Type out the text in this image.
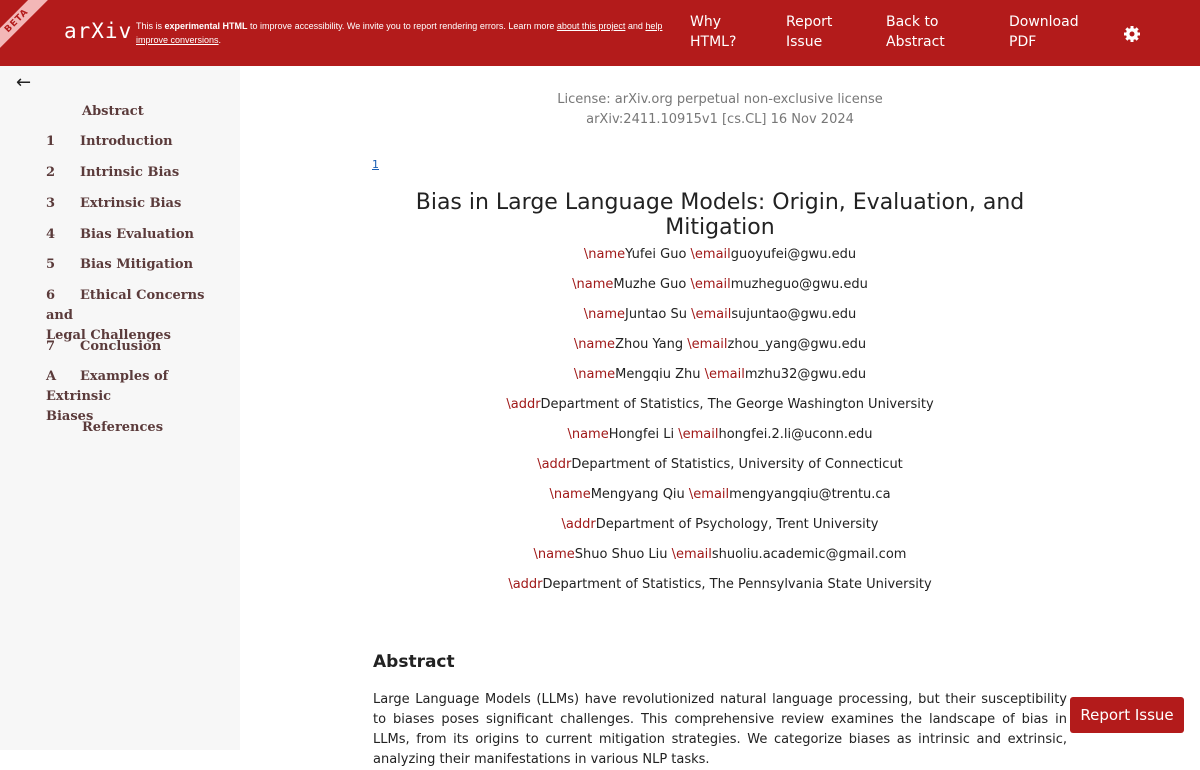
BETA	arXiv This is experimental HTML to improve accessibility. We invite you to report rendering errors. Learn more about this project and help improve conversions.
Why
HTML?
Report
Issue
Back to
Abstract
Download
PDF
←
Abstract
1 Introduction
2 Intrinsic Bias
3 Extrinsic Bias
4 Bias Evaluation
5 Bias Mitigation
6 Ethical Concerns and
Legal Challenges
7 Conclusion
A Examples of Extrinsic
Biases
References
License: arXiv.org perpetual non-exclusive license
arXiv:2411.10915v1 [cs.CL] 16 Nov 2024
1
Bias in Large Language Models: Origin, Evaluation, and Mitigation
\nameYufei Guo \emailguoyufei@gwu.edu
\nameMuzhe Guo \emailmuzheguo@gwu.edu
\nameJuntao Su \emailsujuntao@gwu.edu
\nameZhou Yang \emailzhou_yang@gwu.edu
\nameMengqiu Zhu \emailmzhu32@gwu.edu
\addrDepartment of Statistics, The George Washington University
\nameHongfei Li \emailhongfei.2.li@uconn.edu
\addrDepartment of Statistics, University of Connecticut
\nameMengyang Qiu \emailmengyangqiu@trentu.ca
\addrDepartment of Psychology, Trent University
\nameShuo Shuo Liu \emailshuoliu.academic@gmail.com
\addrDepartment of Statistics, The Pennsylvania State University
Abstract
Large Language Models (LLMs) have revolutionized natural language processing, but their susceptibility to biases poses significant challenges. This comprehensive review examines the landscape of bias in LLMs, from its origins to current mitigation strategies. We categorize biases as intrinsic and extrinsic, analyzing their manifestations in various NLP tasks.
Report Issue
